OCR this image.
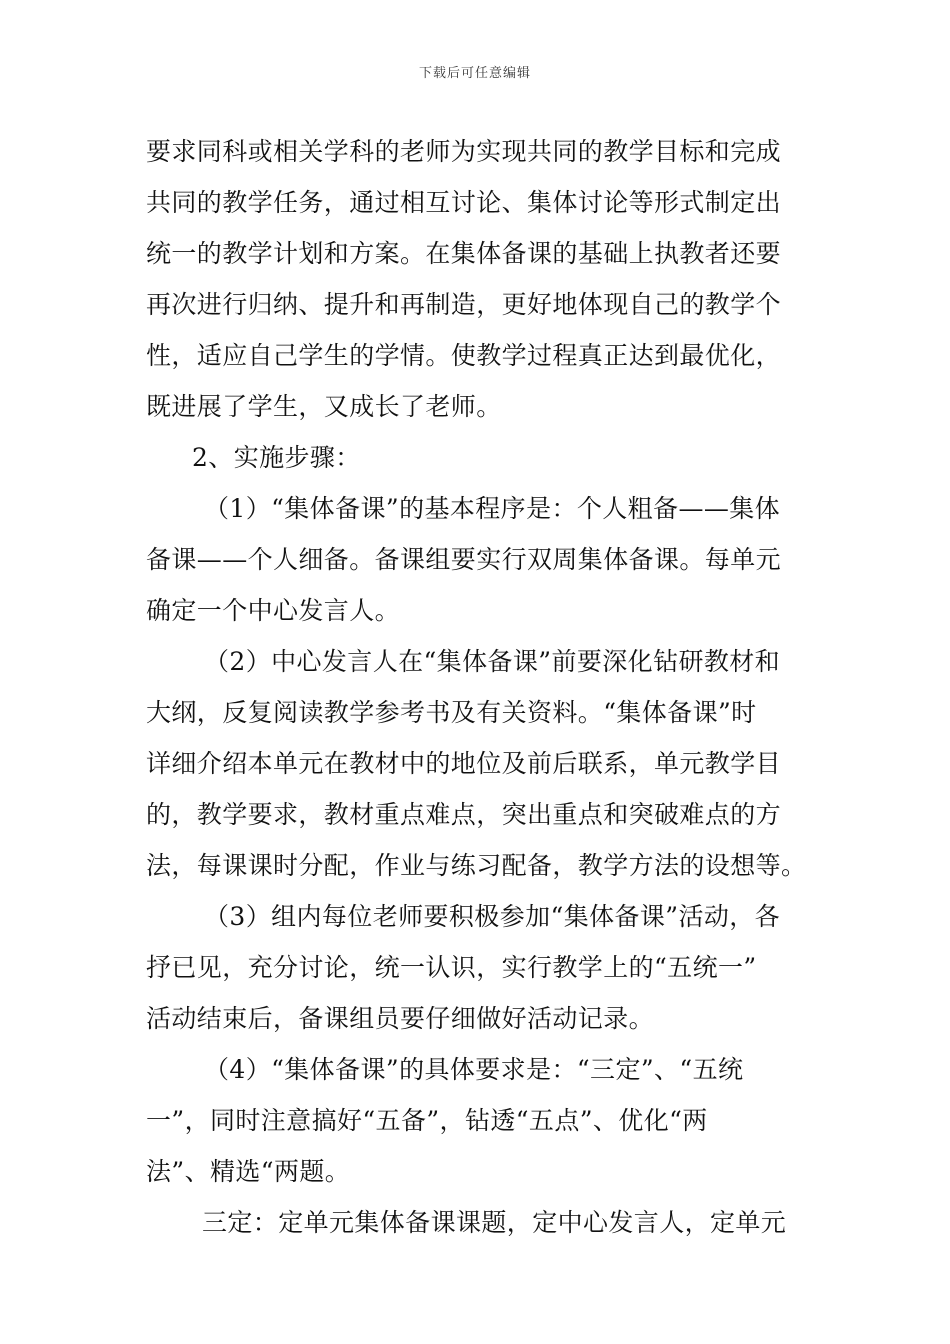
下载后可任意编辑
要求同科或相关学科的老师为实现共同的教学目标和完成
共同的教学任务，通过相互讨论、集体讨论等形式制定出
统一的教学计划和方案。在集体备课的基础上执教者还要
再次进行归纳、提升和再制造，更好地体现自己的教学个
性，适应自己学生的学情。使教学过程真正达到最优化，
既进展了学生，又成长了老师。
2、实施步骤：
（1）“集体备课”的基本程序是：个人粗备——集体
备课——个人细备。备课组要实行双周集体备课。每单元
确定一个中心发言人。
（2）中心发言人在“集体备课”前要深化钻研教材和
大纲，反复阅读教学参考书及有关资料。“集体备课”时
详细介绍本单元在教材中的地位及前后联系，单元教学目
的，教学要求，教材重点难点，突出重点和突破难点的方
法，每课课时分配，作业与练习配备，教学方法的设想等。
（3）组内每位老师要积极参加“集体备课”活动，各
抒已见，充分讨论，统一认识，实行教学上的“五统一”
活动结束后，备课组员要仔细做好活动记录。
（4）“集体备课”的具体要求是：“三定”、“五统
一”，同时注意搞好“五备”，钻透“五点”、优化“两
法”、精选“两题。
三定：定单元集体备课课题，定中心发言人，定单元
